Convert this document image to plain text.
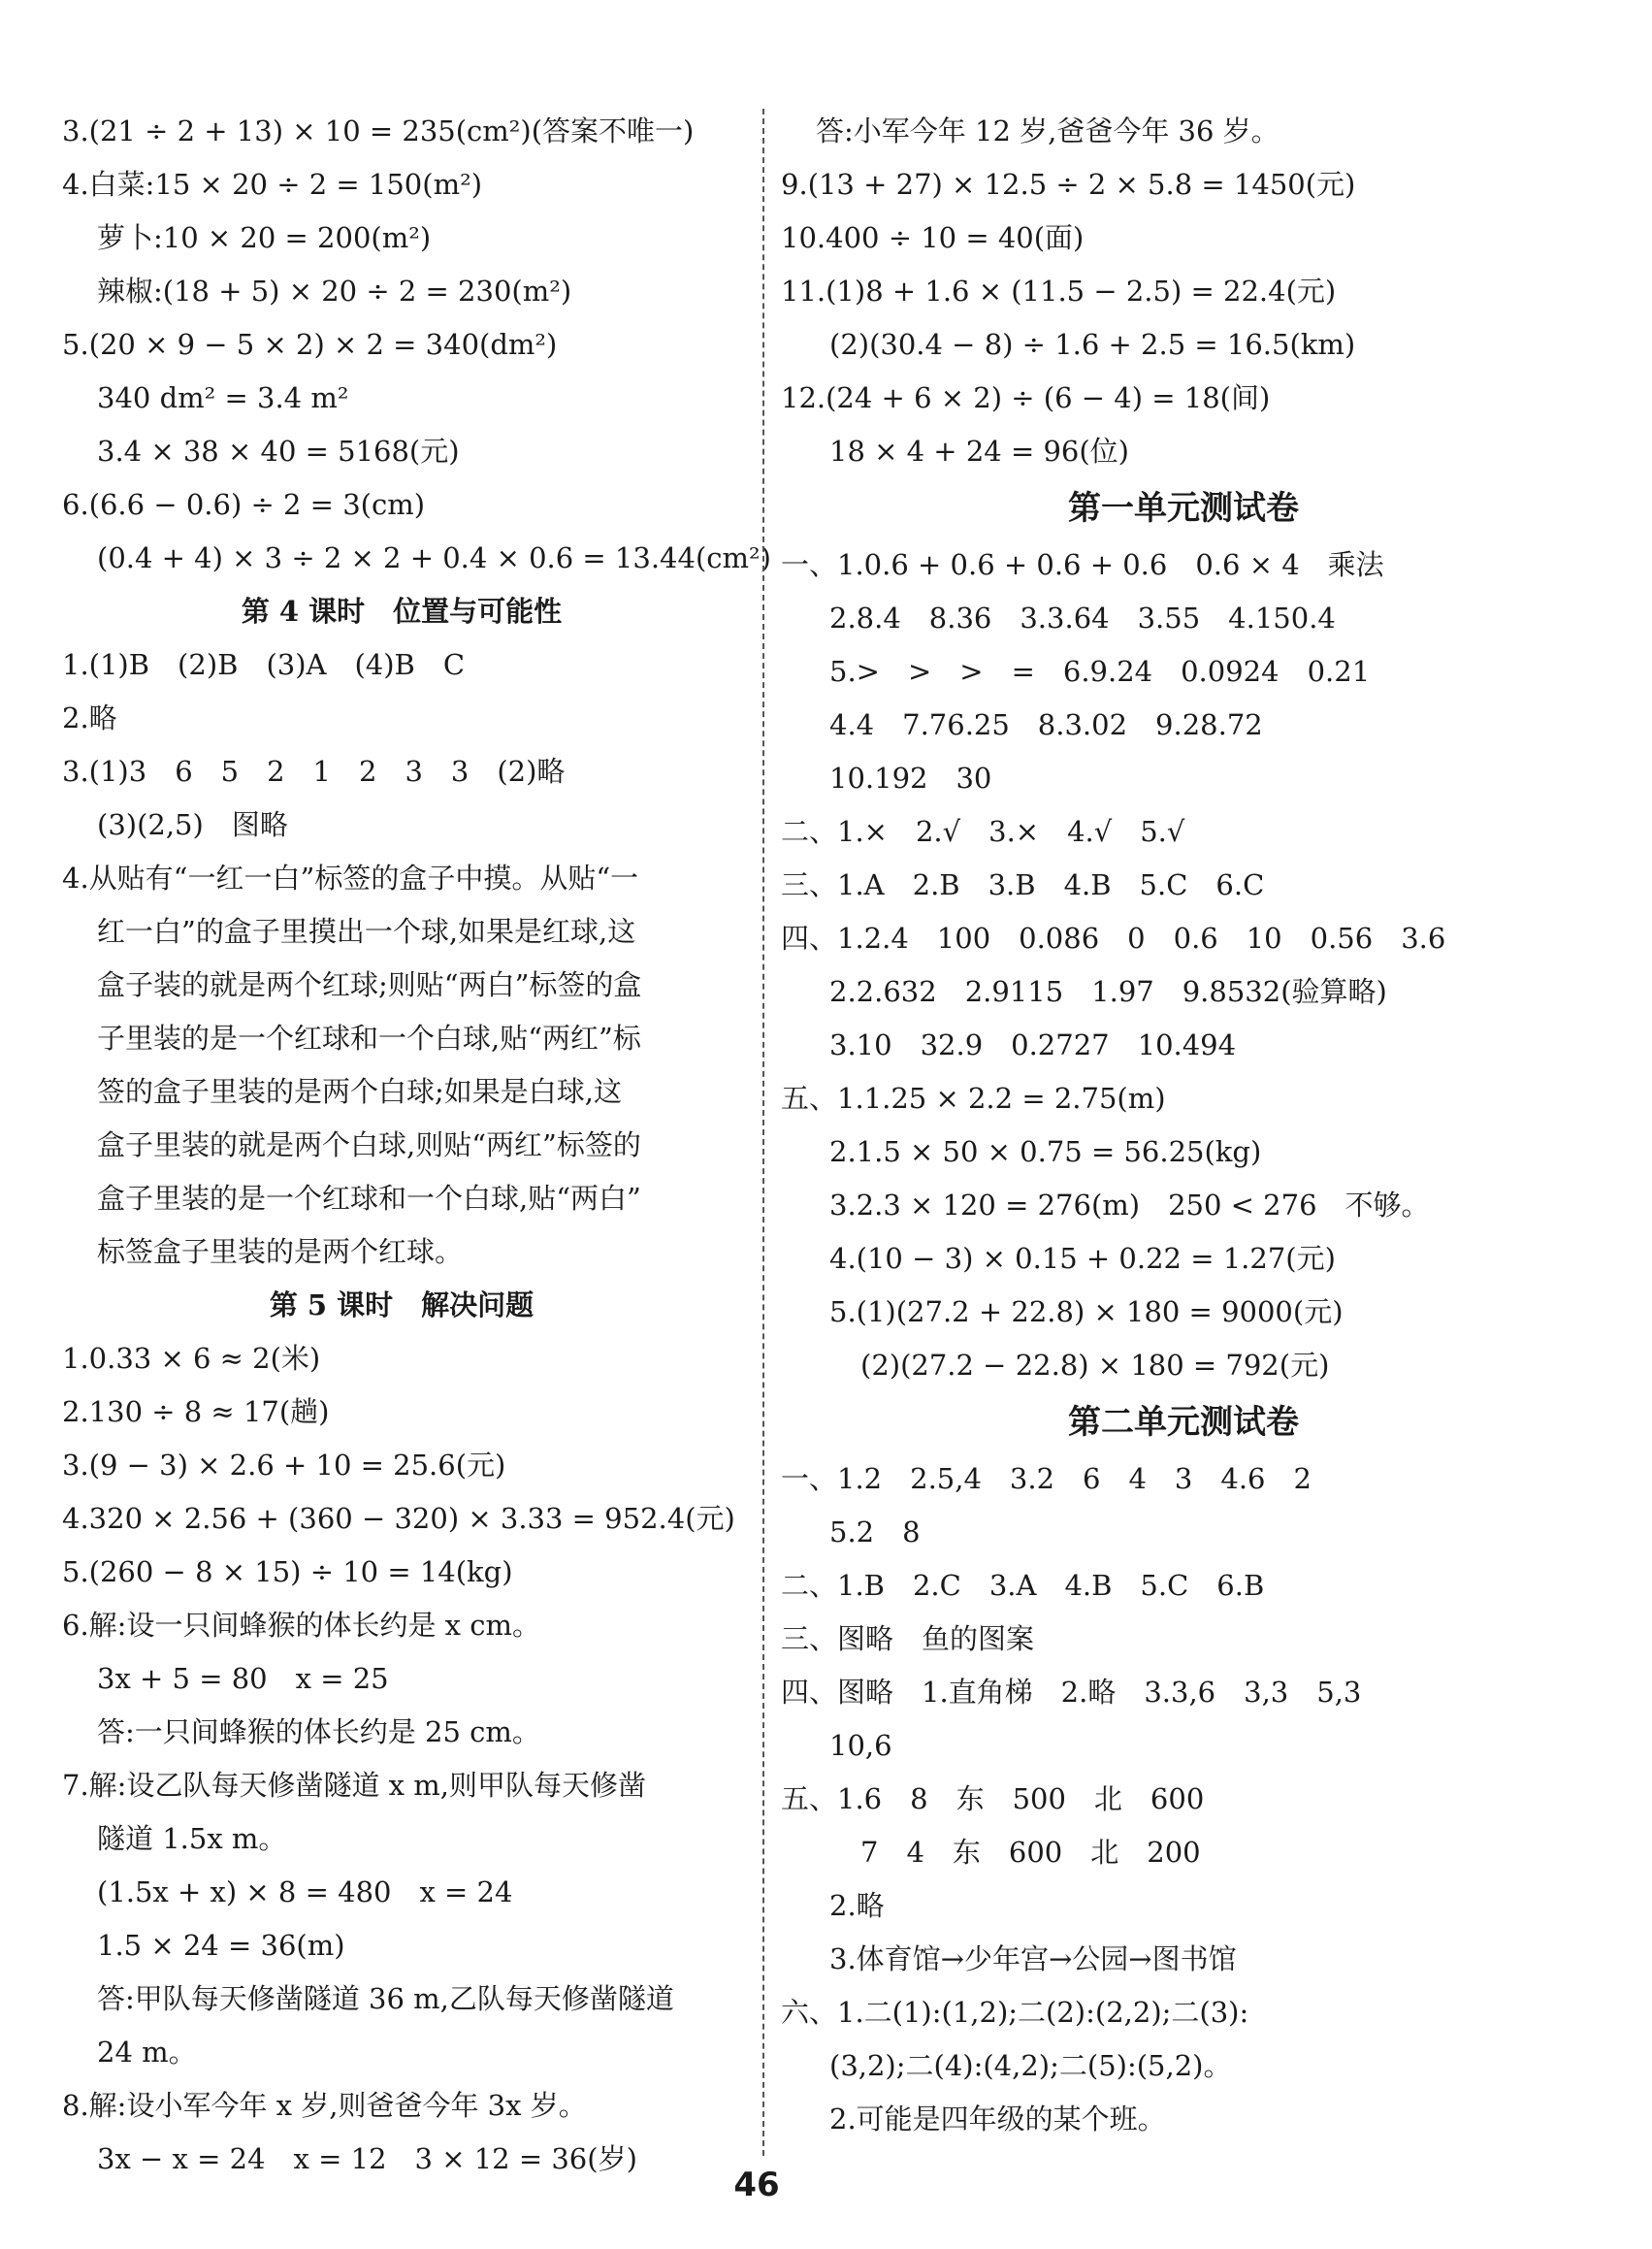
3.(21 ÷ 2 + 13) × 10 = 235(cm²)(答案不唯一)
4.白菜:15 × 20 ÷ 2 = 150(m²)
萝卜:10 × 20 = 200(m²)
辣椒:(18 + 5) × 20 ÷ 2 = 230(m²)
5.(20 × 9 − 5 × 2) × 2 = 340(dm²)
340 dm² = 3.4 m²
3.4 × 38 × 40 = 5168(元)
6.(6.6 − 0.6) ÷ 2 = 3(cm)
(0.4 + 4) × 3 ÷ 2 × 2 + 0.4 × 0.6 = 13.44(cm²)
第 4 课时　位置与可能性
1.(1)B　(2)B　(3)A　(4)B　C
2.略
3.(1)3　6　5　2　1　2　3　3　(2)略
(3)(2,5)　图略
4.从贴有“一红一白”标签的盒子中摸。从贴“一
红一白”的盒子里摸出一个球,如果是红球,这
盒子装的就是两个红球;则贴“两白”标签的盒
子里装的是一个红球和一个白球,贴“两红”标
签的盒子里装的是两个白球;如果是白球,这
盒子里装的就是两个白球,则贴“两红”标签的
盒子里装的是一个红球和一个白球,贴“两白”
标签盒子里装的是两个红球。
第 5 课时　解决问题
1.0.33 × 6 ≈ 2(米)
2.130 ÷ 8 ≈ 17(趟)
3.(9 − 3) × 2.6 + 10 = 25.6(元)
4.320 × 2.56 + (360 − 320) × 3.33 = 952.4(元)
5.(260 − 8 × 15) ÷ 10 = 14(kg)
6.解:设一只间蜂猴的体长约是 x cm。
3x + 5 = 80　x = 25
答:一只间蜂猴的体长约是 25 cm。
7.解:设乙队每天修凿隧道 x m,则甲队每天修凿
隧道 1.5x m。
(1.5x + x) × 8 = 480　x = 24
1.5 × 24 = 36(m)
答:甲队每天修凿隧道 36 m,乙队每天修凿隧道
24 m。
8.解:设小军今年 x 岁,则爸爸今年 3x 岁。
3x − x = 24　x = 12　3 × 12 = 36(岁)
答:小军今年 12 岁,爸爸今年 36 岁。
9.(13 + 27) × 12.5 ÷ 2 × 5.8 = 1450(元)
10.400 ÷ 10 = 40(面)
11.(1)8 + 1.6 × (11.5 − 2.5) = 22.4(元)
(2)(30.4 − 8) ÷ 1.6 + 2.5 = 16.5(km)
12.(24 + 6 × 2) ÷ (6 − 4) = 18(间)
18 × 4 + 24 = 96(位)
第一单元测试卷
一、1.0.6 + 0.6 + 0.6 + 0.6　0.6 × 4　乘法
2.8.4　8.36　3.3.64　3.55　4.150.4
5.>　>　>　=　6.9.24　0.0924　0.21
4.4　7.76.25　8.3.02　9.28.72
10.192　30
二、1.×　2.√　3.×　4.√　5.√
三、1.A　2.B　3.B　4.B　5.C　6.C
四、1.2.4　100　0.086　0　0.6　10　0.56　3.6
2.2.632　2.9115　1.97　9.8532(验算略)
3.10　32.9　0.2727　10.494
五、1.1.25 × 2.2 = 2.75(m)
2.1.5 × 50 × 0.75 = 56.25(kg)
3.2.3 × 120 = 276(m)　250 < 276　不够。
4.(10 − 3) × 0.15 + 0.22 = 1.27(元)
5.(1)(27.2 + 22.8) × 180 = 9000(元)
(2)(27.2 − 22.8) × 180 = 792(元)
第二单元测试卷
一、1.2　2.5,4　3.2　6　4　3　4.6　2
5.2　8
二、1.B　2.C　3.A　4.B　5.C　6.B
三、图略　鱼的图案
四、图略　1.直角梯　2.略　3.3,6　3,3　5,3
10,6
五、1.6　8　东　500　北　600
7　4　东　600　北　200
2.略
3.体育馆→少年宫→公园→图书馆
六、1.二(1):(1,2);二(2):(2,2);二(3):
(3,2);二(4):(4,2);二(5):(5,2)。
2.可能是四年级的某个班。
46
